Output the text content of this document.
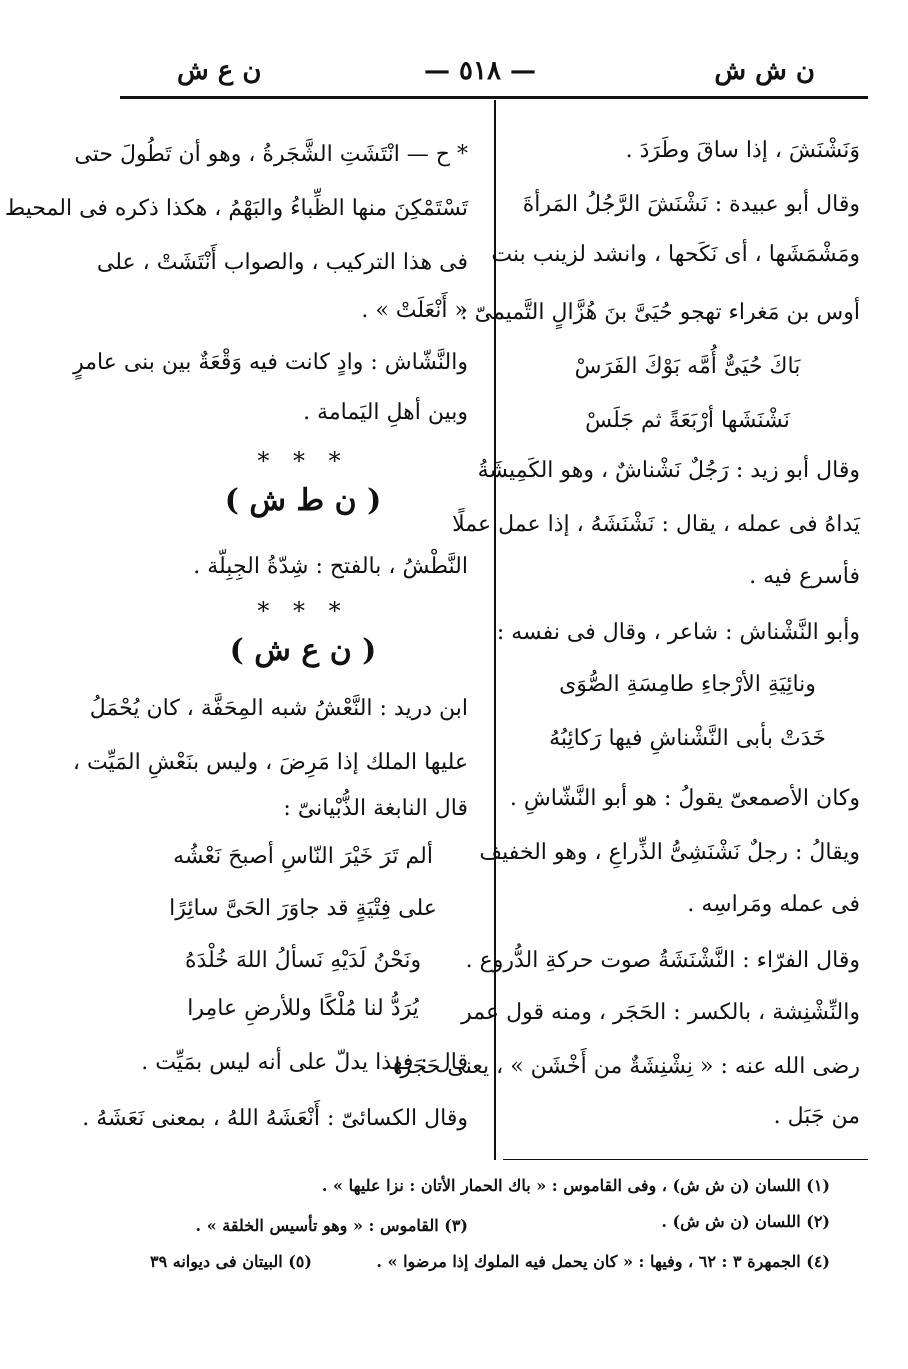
ن ش ش
— ٥١٨ —
ن ع ش
وَنَشْنَشَ ، إذا ساقَ وطَرَدَ .
وقال أبو عبيدة : نَشْنَشَ الرَّجُلُ المَرأةَ
ومَشْمَشَها ، أى نَكَحها ، وانشد لزينب بنت
أوس بن مَغراء تهجو حُيَىَّ بنَ هُزَّالٍ التَّميمىّ :
بَاكَ حُيَىٌّ أُمَّه بَوْكَ الفَرَسْ
نَشْنَشَها أرْبَعَةً ثم جَلَسْ
وقال أبو زيد : رَجُلٌ نَشْناشٌ ، وهو الكَمِيشَةُ
يَداهُ فى عمله ، يقال : نَشْنَشَهُ ، إذا عمل عملًا
فأسرع فيه .
وأبو النَّشْناش : شاعر ، وقال فى نفسه :
ونائِيَةِ الأرْجاءِ طامِسَةِ الصُّوَى
خَدَتْ بأبى النَّشْناشِ فيها رَكائِبُهُ
وكان الأصمعىّ يقولُ : هو أبو النَّشّاشِ .
ويقالُ : رجلٌ نَشْنَشِىُّ الذِّراعِ ، وهو الخفيف
فى عمله ومَراسِه .
وقال الفرّاء : النَّشْنَشَةُ صوت حركةِ الدُّروع .
والنِّشْنِشة ، بالكسر : الحَجَر ، ومنه قول عمر
رضى الله عنه : « نِشْنِشَةٌ من أَخْشَن » ، يعنى حَجَرًا
من جَبَل .
* ح — انْتَشَتِ الشَّجَرةُ ، وهو أن تَطُولَ حتى
تَسْتَمْكِنَ منها الظِّباءُ والبَهْمُ ، هكذا ذكره فى المحيط
فى هذا التركيب ، والصواب أَنْتَشَتْ ، على
« أَنْعَلَتْ » .
والنَّشّاش : وادٍ كانت فيه وَقْعَةٌ بين بنى عامرٍ
وبين أهلِ اليَمامة .
* * *
( ن ط ش )
النَّطْشُ ، بالفتح : شِدّةُ الجِبِلّة .
* * *
( ن ع ش )
ابن دريد : النَّعْشُ شبه المِحَفَّة ، كان يُحْمَلُ
عليها الملك إذا مَرِضَ ، وليس بنَعْشِ المَيِّت ،
قال النابغة الذُّبْيانىّ :
ألم تَرَ خَيْرَ النّاسِ أصبحَ نَعْشُه
على فِتْيَةٍ قد جاوَرَ الحَىَّ سائِرًا
ونَحْنُ لَدَيْهِ نَسألُ اللهَ خُلْدَهُ
يُرَدُّ لنا مُلْكًا وللأرضِ عامِرا
قال : فهذا يدلّ على أنه ليس بمَيِّت .
وقال الكسائىّ : أَنْعَشَهُ اللهُ ، بمعنى نَعَشَهُ .
(١) اللسان (ن ش ش) ، وفى القاموس : « باك الحمار الأتان : نزا عليها » .
(٢) اللسان (ن ش ش) .
(٣) القاموس : « وهو تأسيس الخلقة » .
(٤) الجمهرة ٣ : ٦٢ ، وفيها : « كان يحمل فيه الملوك إذا مرضوا » .
(٥) البيتان فى ديوانه ٣٩
